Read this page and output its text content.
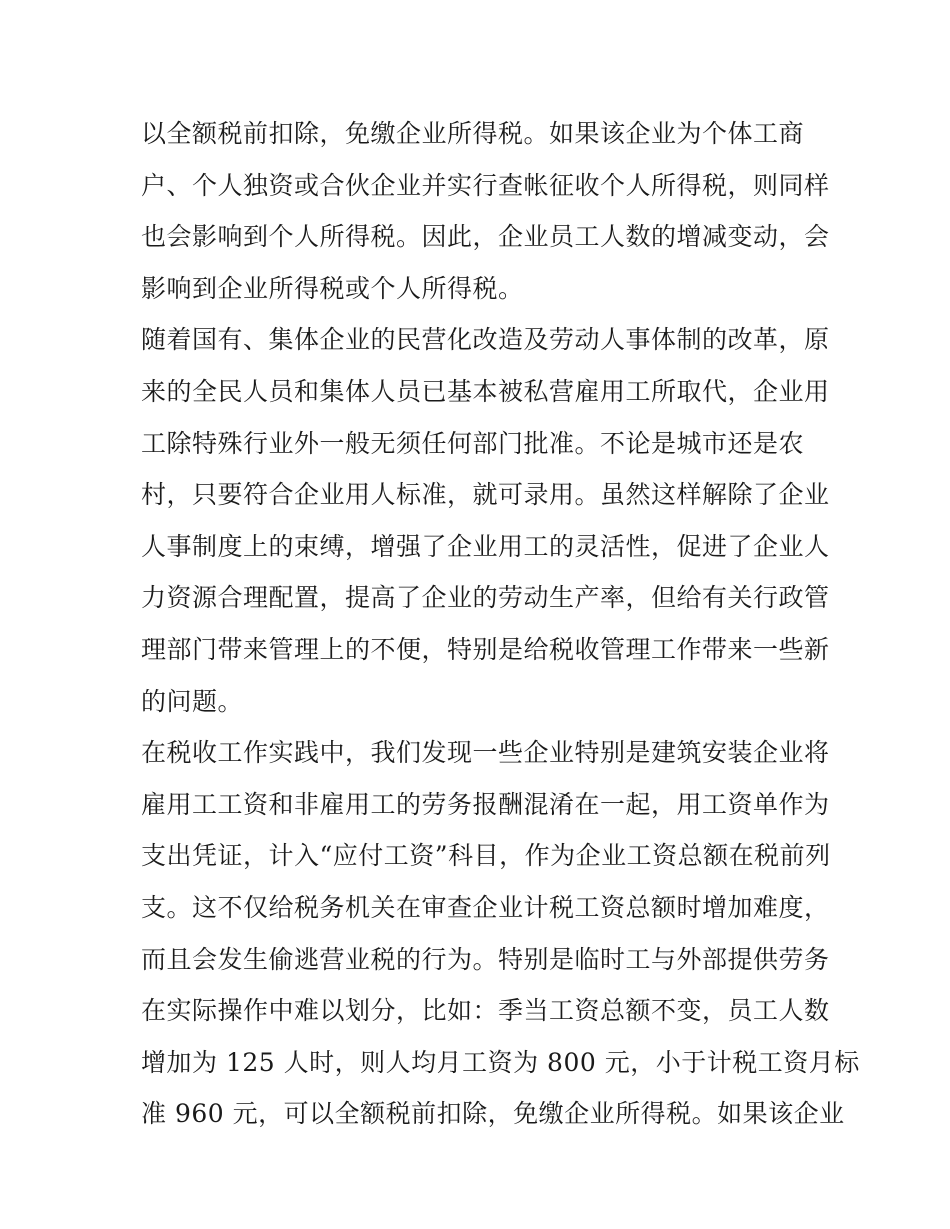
以全额税前扣除，免缴企业所得税。如果该企业为个体工商
户、个人独资或合伙企业并实行查帐征收个人所得税，则同样
也会影响到个人所得税。因此，企业员工人数的增减变动，会
影响到企业所得税或个人所得税。
随着国有、集体企业的民营化改造及劳动人事体制的改革，原
来的全民人员和集体人员已基本被私营雇用工所取代，企业用
工除特殊行业外一般无须任何部门批准。不论是城市还是农
村，只要符合企业用人标准，就可录用。虽然这样解除了企业
人事制度上的束缚，增强了企业用工的灵活性，促进了企业人
力资源合理配置，提高了企业的劳动生产率，但给有关行政管
理部门带来管理上的不便，特别是给税收管理工作带来一些新
的问题。
在税收工作实践中，我们发现一些企业特别是建筑安装企业将
雇用工工资和非雇用工的劳务报酬混淆在一起，用工资单作为
支出凭证，计入“应付工资”科目，作为企业工资总额在税前列
支。这不仅给税务机关在审查企业计税工资总额时增加难度，
而且会发生偷逃营业税的行为。特别是临时工与外部提供劳务
在实际操作中难以划分，比如：季当工资总额不变，员工人数
增加为 125 人时，则人均月工资为 800 元，小于计税工资月标
准 960 元，可以全额税前扣除，免缴企业所得税。如果该企业
